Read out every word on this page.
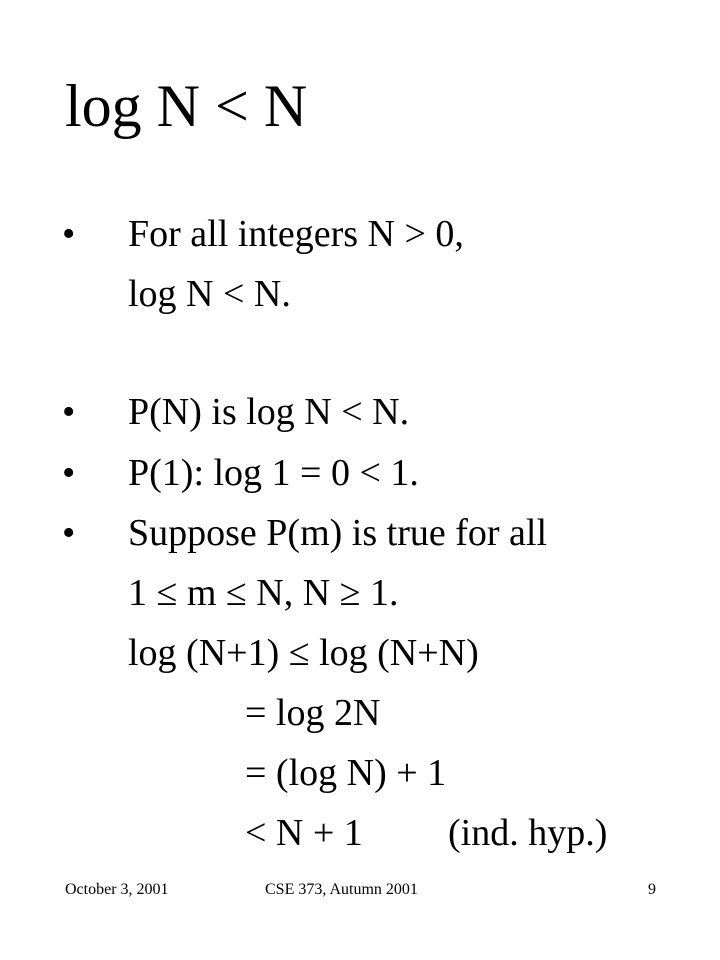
log N < N
• For all integers N > 0,
log N < N.
• P(N) is log N < N.
• P(1): log 1 = 0 < 1.
• Suppose P(m) is true for all
1 ≤ m ≤ N, N ≥ 1.
log (N+1) ≤ log (N+N)
= log 2N
= (log N) + 1
< N + 1 (ind. hyp.)
October 3, 2001	CSE 373, Autumn 2001	9
